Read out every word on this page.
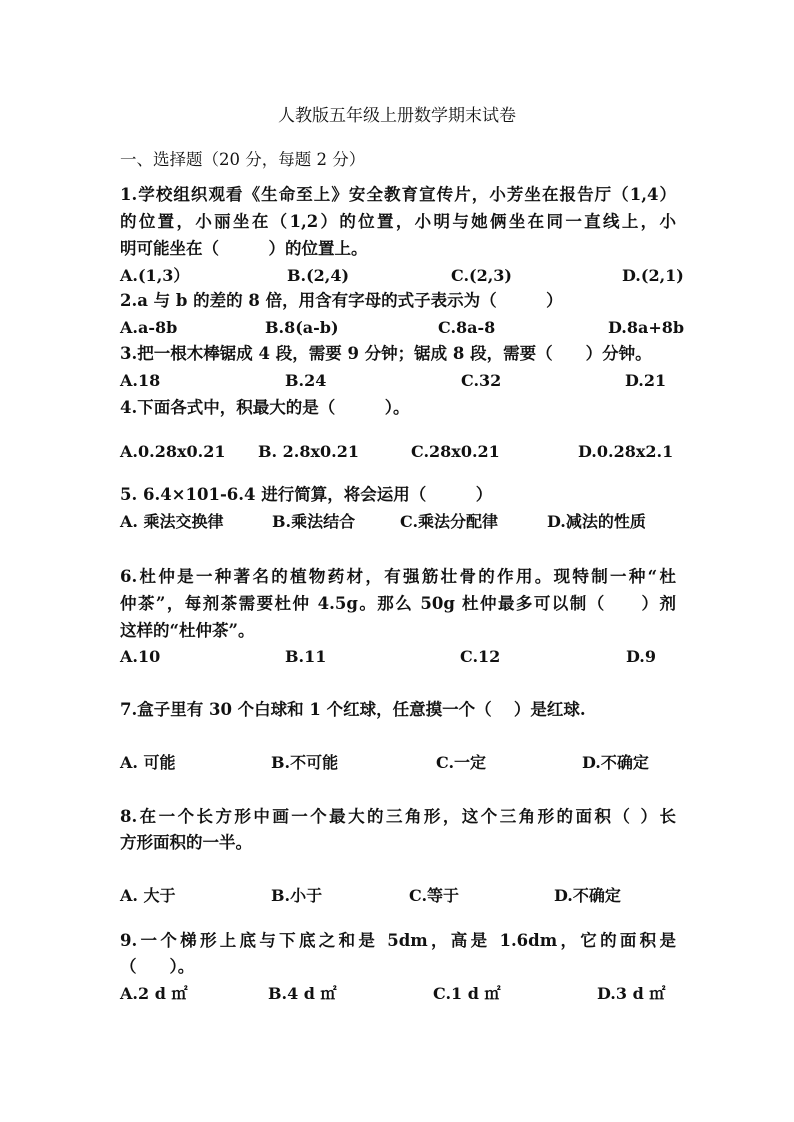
人教版五年级上册数学期末试卷
一、选择题（20 分，每题 2 分）
1.学校组织观看《生命至上》安全教育宣传片，小芳坐在报告厅（1,4）
的位置，小丽坐在（1,2）的位置，小明与她俩坐在同一直线上，小
明可能坐在（　　　）的位置上。
A.(1,3）	B.(2,4)	C.(2,3)	D.(2,1)
2.a 与 b 的差的 8 倍，用含有字母的式子表示为（　　　）
A.a-8b	B.8(a-b)	C.8a-8	D.8a+8b
3.把一根木棒锯成 4 段，需要 9 分钟；锯成 8 段，需要（　　）分钟。
A.18	B.24	C.32	D.21
4.下面各式中，积最大的是（　　　）。
A.0.28x0.21 B. 2.8x0.21	C.28x0.21	D.0.28x2.1
5. 6.4×101-6.4 进行简算，将会运用（　　　）
A. 乘法交换律	B.乘法结合	C.乘法分配律	D.减法的性质
6.杜仲是一种著名的植物药材，有强筋壮骨的作用。现特制一种“杜
仲茶”，每剂茶需要杜仲 4.5g。那么 50g 杜仲最多可以制（　　）剂
这样的“杜仲茶”。
A.10	B.11	C.12	D.9
7.盒子里有 30 个白球和 1 个红球，任意摸一个（　 ）是红球.
A. 可能	B.不可能	C.一定	D.不确定
8.在一个长方形中画一个最大的三角形，这个三角形的面积（ ）长
方形面积的一半。
A. 大于	B.小于	C.等于	D.不确定
9.一个梯形上底与下底之和是 5dm，高是 1.6dm，它的面积是
（　　）。
A.2 d ㎡	B.4 d ㎡	C.1 d ㎡	D.3 d ㎡
